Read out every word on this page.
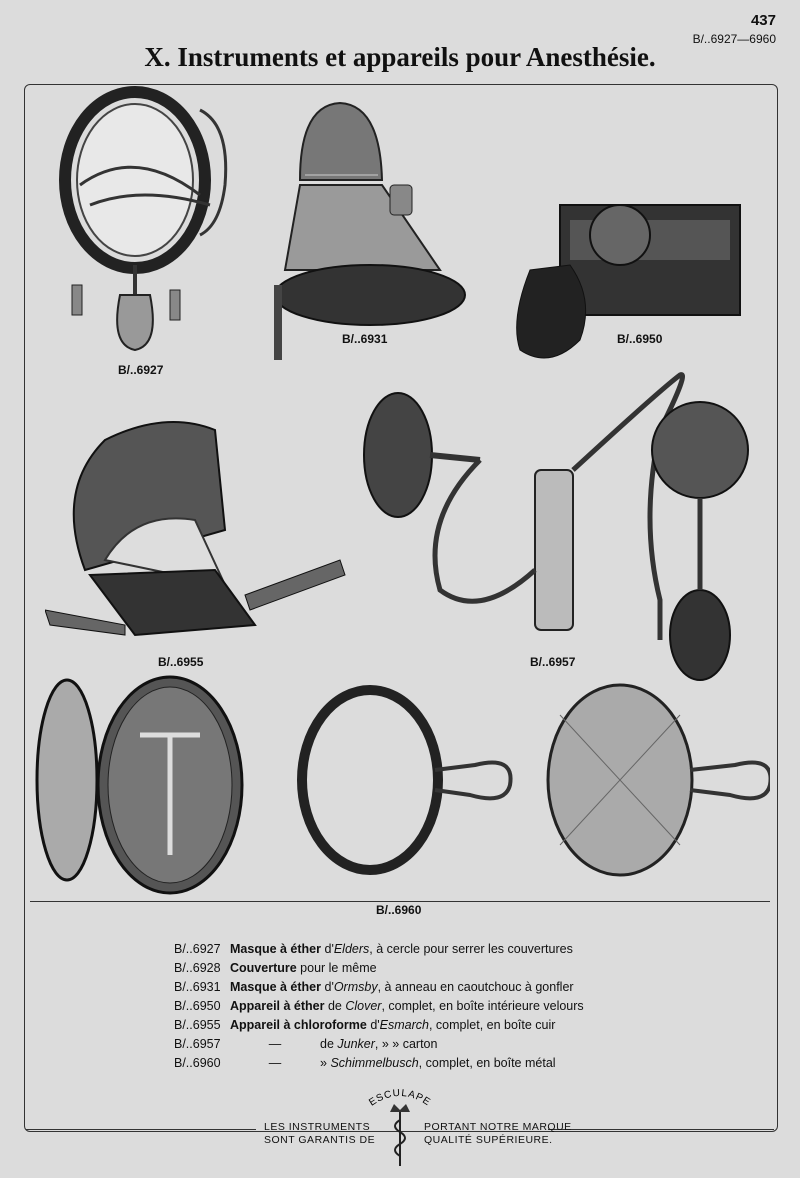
437
B/..6927—6960
X. Instruments et appareils pour Anesthésie.
B/..6927
B/..6931	B/..6950
B/..6955	B/..6957
B/..6960
B/..6927 Masque à éther d'Elders, à cercle pour serrer les couvertures
B/..6928 Couverture pour le même
B/..6931 Masque à éther d'Ormsby, à anneau en caoutchouc à gonfler
B/..6950 Appareil à éther de Clover, complet, en boîte intérieure velours
B/..6955 Appareil à chloroforme d'Esmarch, complet, en boîte cuir
B/..6957	—	de Junker, » » carton
B/..6960	—	» Schimmelbusch, complet, en boîte métal
ESCULAPE
LES INSTRUMENTS
SONT GARANTIS DE
PORTANT NOTRE MARQUE
QUALITÉ SUPÉRIEURE.
